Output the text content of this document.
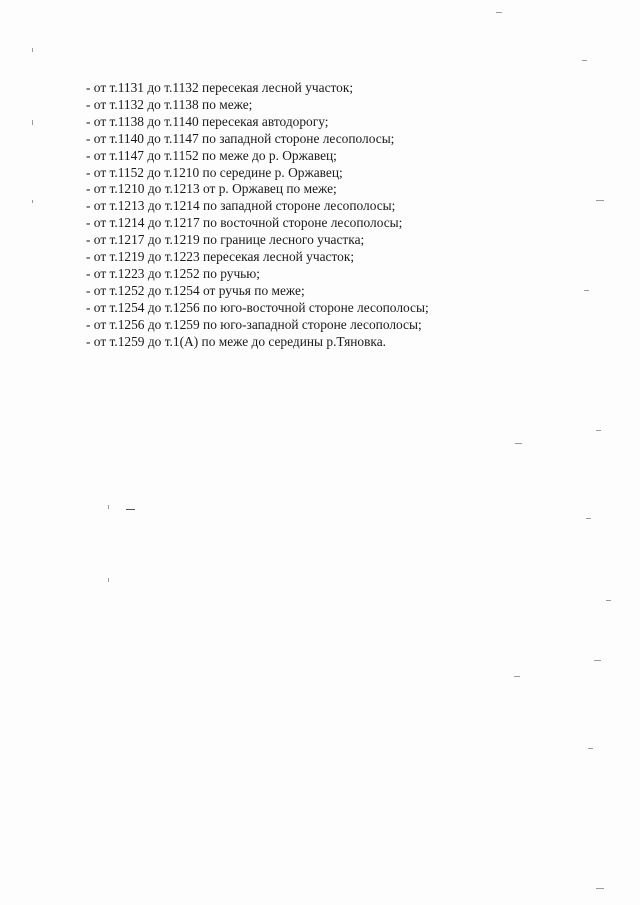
- от т.1131 до т.1132 пересекая лесной участок;
- от т.1132 до т.1138 по меже;
- от т.1138 до т.1140 пересекая автодорогу;
- от т.1140 до т.1147 по западной стороне лесополосы;
- от т.1147 до т.1152 по меже до р. Оржавец;
- от т.1152 до т.1210 по середине р. Оржавец;
- от т.1210 до т.1213 от р. Оржавец по меже;
- от т.1213 до т.1214 по западной стороне лесополосы;
- от т.1214 до т.1217 по восточной стороне лесополосы;
- от т.1217 до т.1219 по границе лесного участка;
- от т.1219 до т.1223 пересекая лесной участок;
- от т.1223 до т.1252 по ручью;
- от т.1252 до т.1254 от ручья по меже;
- от т.1254 до т.1256 по юго-восточной стороне лесополосы;
- от т.1256 до т.1259 по юго-западной стороне лесополосы;
- от т.1259 до т.1(А) по меже до середины р.Тяновка.
